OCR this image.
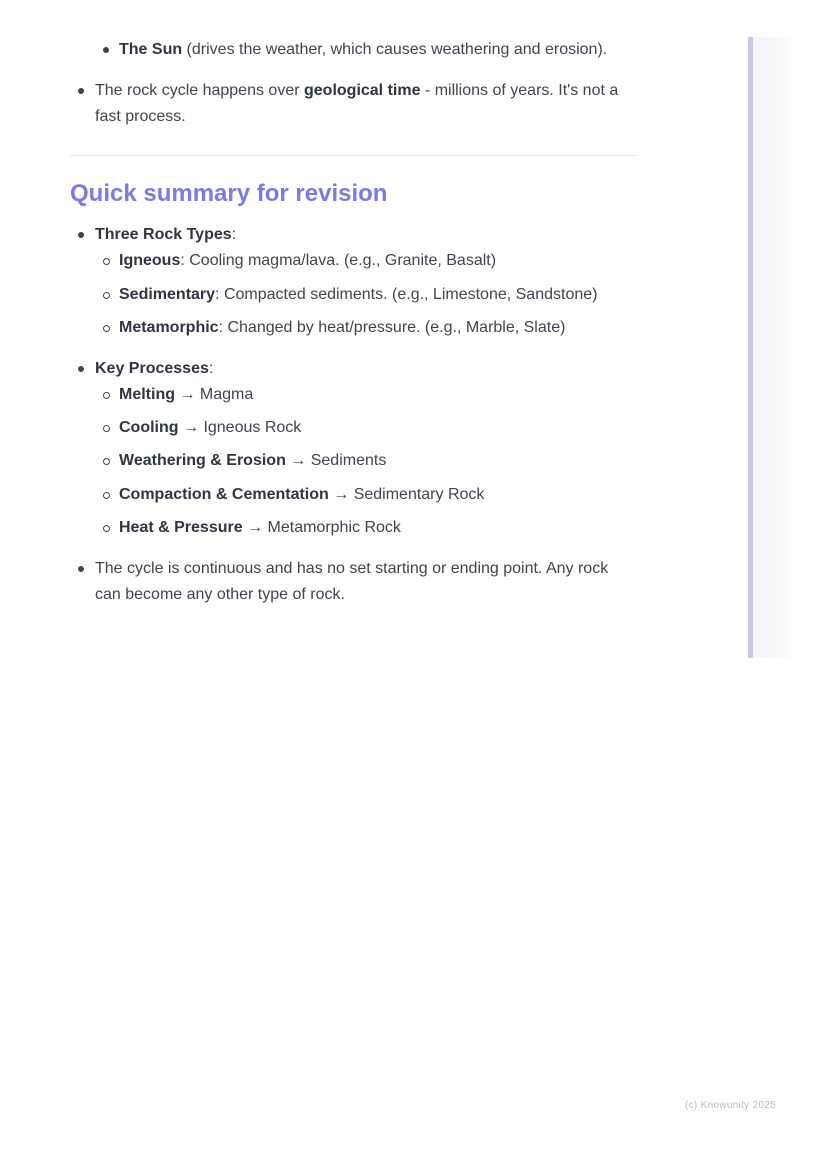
The Sun (drives the weather, which causes weathering and erosion).

The rock cycle happens over geological time - millions of years. It's not a
fast process.

Quick summary for revision

Three Rock Types:

Igneous: Cooling magma/lava. (e.g., Granite, Basalt)

Sedimentary: Compacted sediments. (e.g., Limestone, Sandstone)

Metamorphic: Changed by heat/pressure. (e.g., Marble, Slate)

Key Processes:

Melting → Magma

Cooling → Igneous Rock

Weathering & Erosion → Sediments

Compaction & Cementation → Sedimentary Rock

Heat & Pressure → Metamorphic Rock

The cycle is continuous and has no set starting or ending point. Any rock
can become any other type of rock.

(c) Knowunity 2025
